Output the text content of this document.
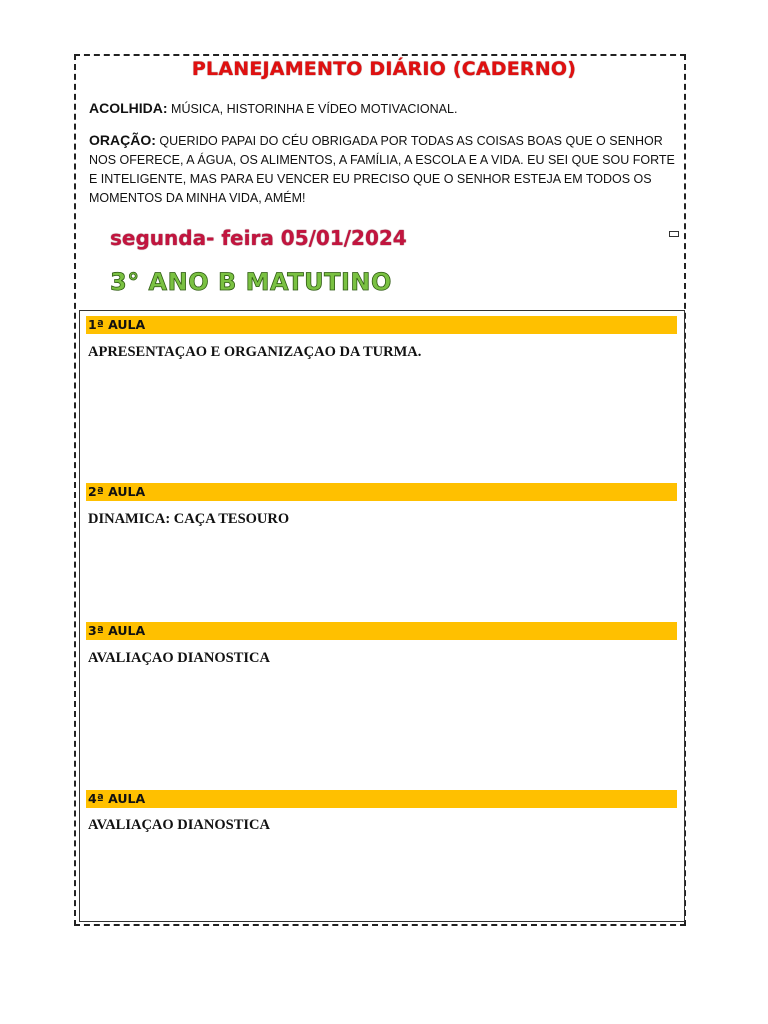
PLANEJAMENTO DIÁRIO (CADERNO)
ACOLHIDA: MÚSICA, HISTORINHA E VÍDEO MOTIVACIONAL.
ORAÇÃO: QUERIDO PAPAI DO CÉU OBRIGADA POR TODAS AS COISAS BOAS QUE O SENHOR NOS OFERECE, A ÁGUA, OS ALIMENTOS, A FAMÍLIA, A ESCOLA E A VIDA. EU SEI QUE SOU FORTE E INTELIGENTE, MAS PARA EU VENCER EU PRECISO QUE O SENHOR ESTEJA EM TODOS OS MOMENTOS DA MINHA VIDA, AMÉM!
segunda- feira 05/01/2024
3° ANO B MATUTINO
1ª AULA
APRESENTAÇAO E ORGANIZAÇAO DA TURMA.
2ª AULA
DINAMICA: CAÇA TESOURO
3ª AULA
AVALIAÇAO DIANOSTICA
4ª AULA
AVALIAÇAO DIANOSTICA
